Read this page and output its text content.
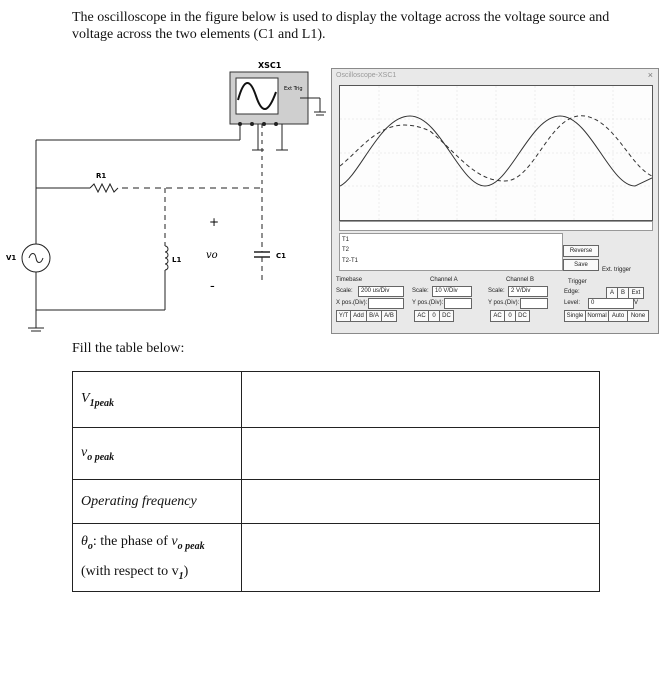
The oscilloscope in the figure below is used to display the voltage across the voltage source and voltage across the two elements (C1 and L1).
XSC1
Ext Trig
V1
R1
L1
+
vo
-
C1
Oscilloscope-XSC1	×
T1
T2
T2-T1
Reverse
Save
Ext. trigger
Timebase
Scale:	200 us/Div
X pos.(Div):
Y/T Add B/A A/B
Channel A
Scale:	10 V/Div
Y pos.(Div):
AC	0	DC
Channel B
Scale:	2 V/Div
Y pos.(Div):
AC	0	DC
Trigger
Edge:	A	B	Ext
Level:	0	V
Single Normal Auto	None
Fill the table below:
$V_{1peak}$	
$v_{o peak}$	
Operating frequency	

$\theta_o$: the phase of $v_{o peak}$
(with respect to $v_1$)	
